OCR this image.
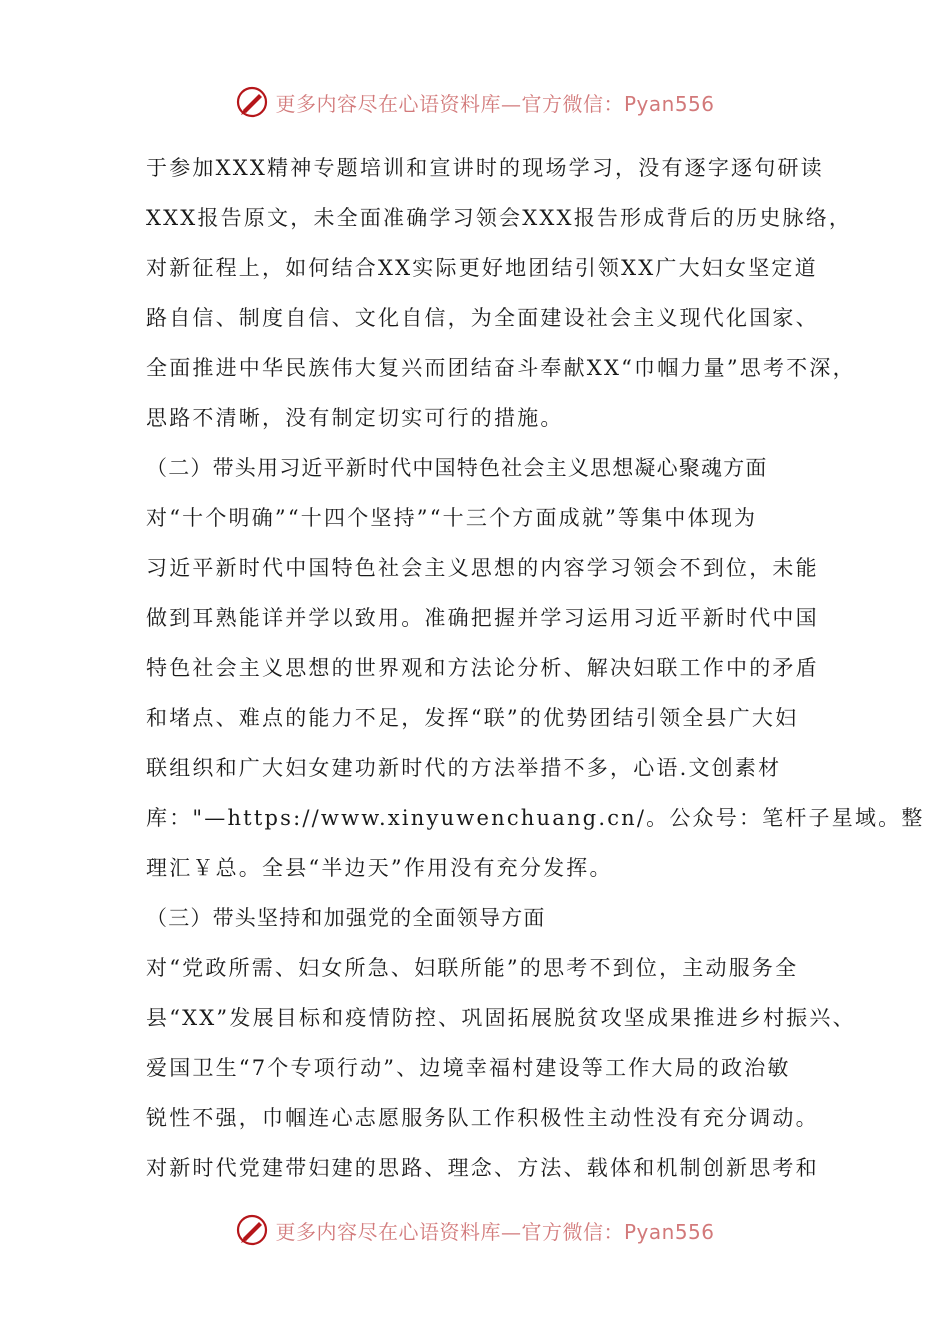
更多内容尽在心语资料库—官方微信：Pyan556
于参加XXX精神专题培训和宣讲时的现场学习，没有逐字逐句研读
XXX报告原文，未全面准确学习领会XXX报告形成背后的历史脉络，
对新征程上，如何结合XX实际更好地团结引领XX广大妇女坚定道
路自信、制度自信、文化自信，为全面建设社会主义现代化国家、
全面推进中华民族伟大复兴而团结奋斗奉献XX“巾帼力量”思考不深，
思路不清晰，没有制定切实可行的措施。
（二）带头用习近平新时代中国特色社会主义思想凝心聚魂方面
对“十个明确”“十四个坚持”“十三个方面成就”等集中体现为
习近平新时代中国特色社会主义思想的内容学习领会不到位，未能
做到耳熟能详并学以致用。准确把握并学习运用习近平新时代中国
特色社会主义思想的世界观和方法论分析、解决妇联工作中的矛盾
和堵点、难点的能力不足，发挥“联”的优势团结引领全县广大妇
联组织和广大妇女建功新时代的方法举措不多，心语.文创素材
库："—https://www.xinyuwenchuang.cn/。公众号：笔杆子星域。整
理汇￥总。全县“半边天”作用没有充分发挥。
（三）带头坚持和加强党的全面领导方面
对“党政所需、妇女所急、妇联所能”的思考不到位，主动服务全
县“XX”发展目标和疫情防控、巩固拓展脱贫攻坚成果推进乡村振兴、
爱国卫生“7个专项行动”、边境幸福村建设等工作大局的政治敏
锐性不强，巾帼连心志愿服务队工作积极性主动性没有充分调动。
对新时代党建带妇建的思路、理念、方法、载体和机制创新思考和
更多内容尽在心语资料库—官方微信：Pyan556
